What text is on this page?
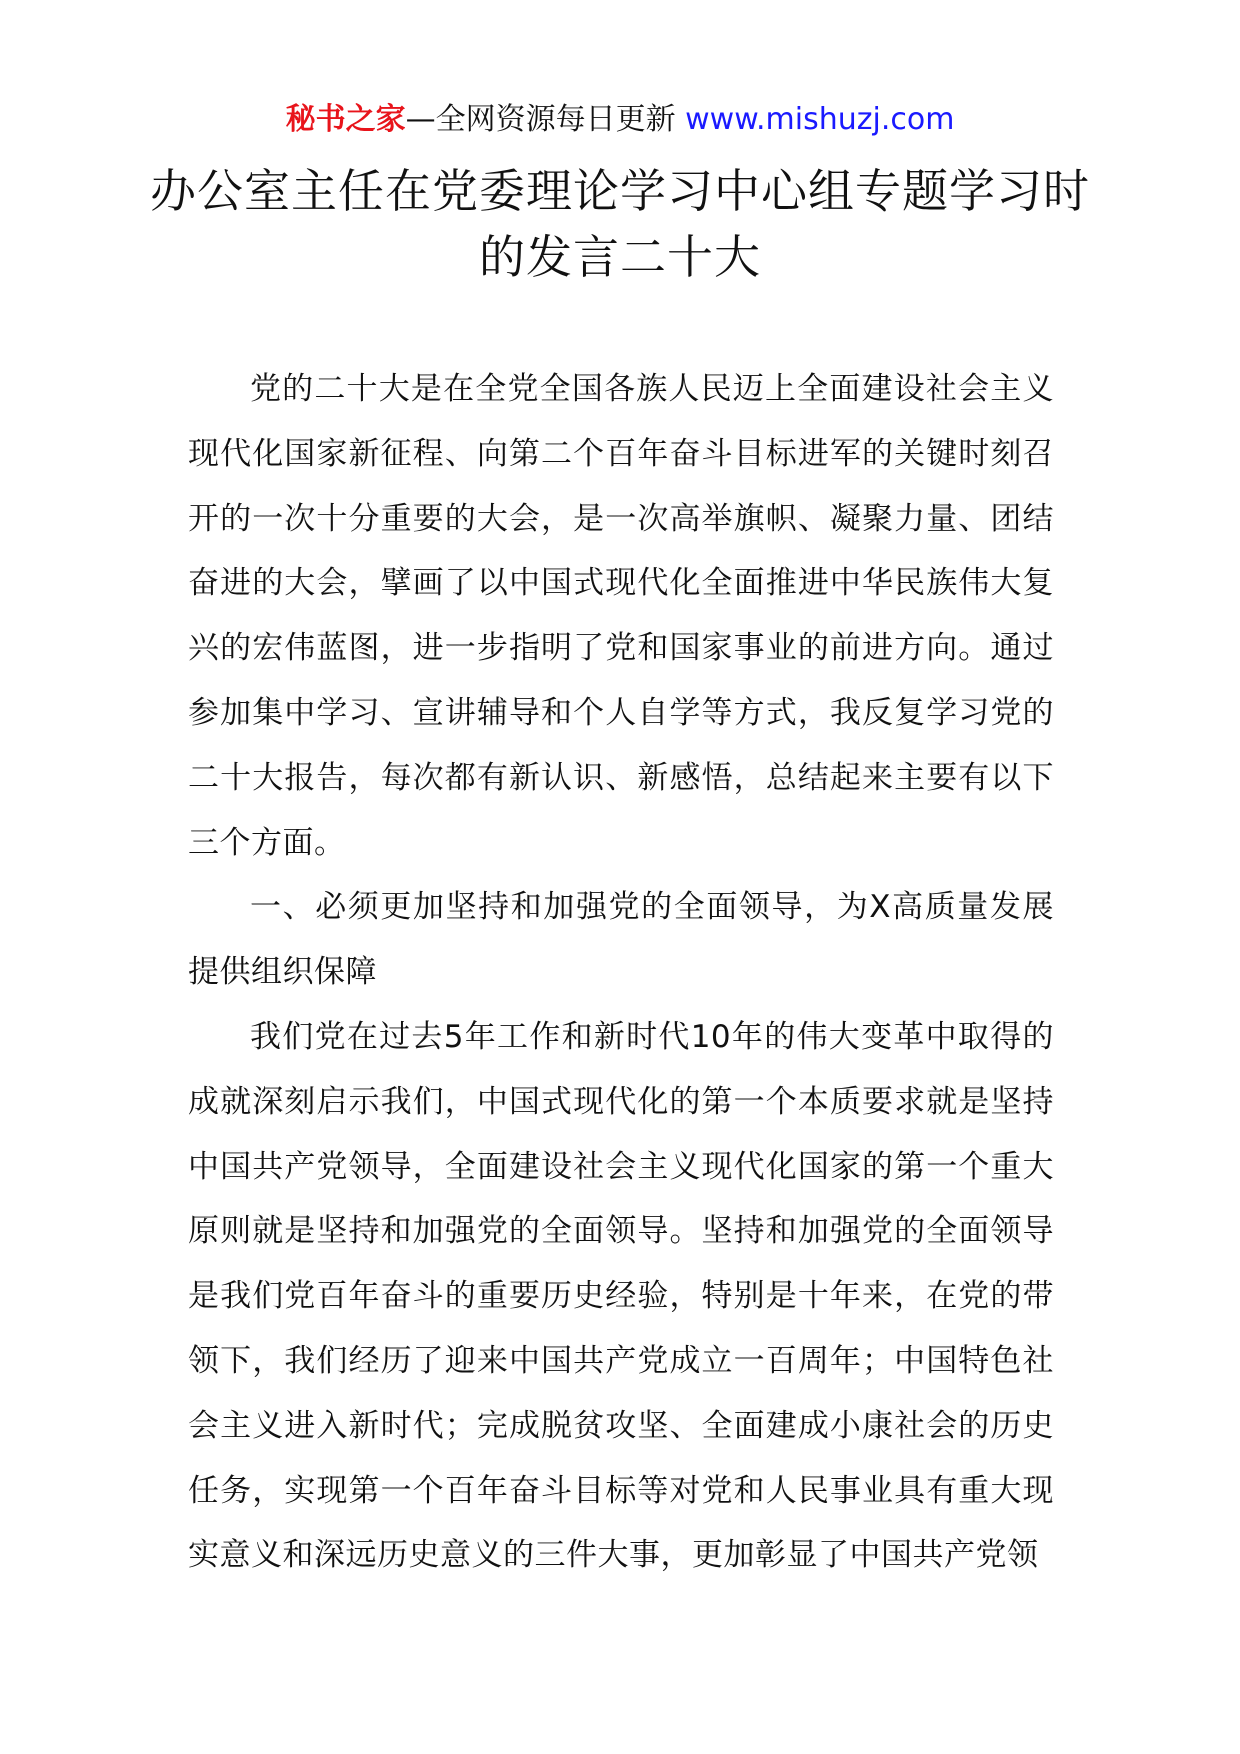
秘书之家—全网资源每日更新 www.mishuzj.com
办公室主任在党委理论学习中心组专题学习时的发言二十大

党的二十大是在全党全国各族人民迈上全面建设社会主义现代化国家新征程、向第二个百年奋斗目标进军的关键时刻召开的一次十分重要的大会，是一次高举旗帜、凝聚力量、团结奋进的大会，擘画了以中国式现代化全面推进中华民族伟大复兴的宏伟蓝图，进一步指明了党和国家事业的前进方向。通过参加集中学习、宣讲辅导和个人自学等方式，我反复学习党的二十大报告，每次都有新认识、新感悟，总结起来主要有以下三个方面。

一、必须更加坚持和加强党的全面领导，为X高质量发展提供组织保障

我们党在过去5年工作和新时代10年的伟大变革中取得的成就深刻启示我们，中国式现代化的第一个本质要求就是坚持中国共产党领导，全面建设社会主义现代化国家的第一个重大原则就是坚持和加强党的全面领导。坚持和加强党的全面领导是我们党百年奋斗的重要历史经验，特别是十年来，在党的带领下，我们经历了迎来中国共产党成立一百周年；中国特色社会主义进入新时代；完成脱贫攻坚、全面建成小康社会的历史任务，实现第一个百年奋斗目标等对党和人民事业具有重大现实意义和深远历史意义的三件大事，更加彰显了中国共产党领
